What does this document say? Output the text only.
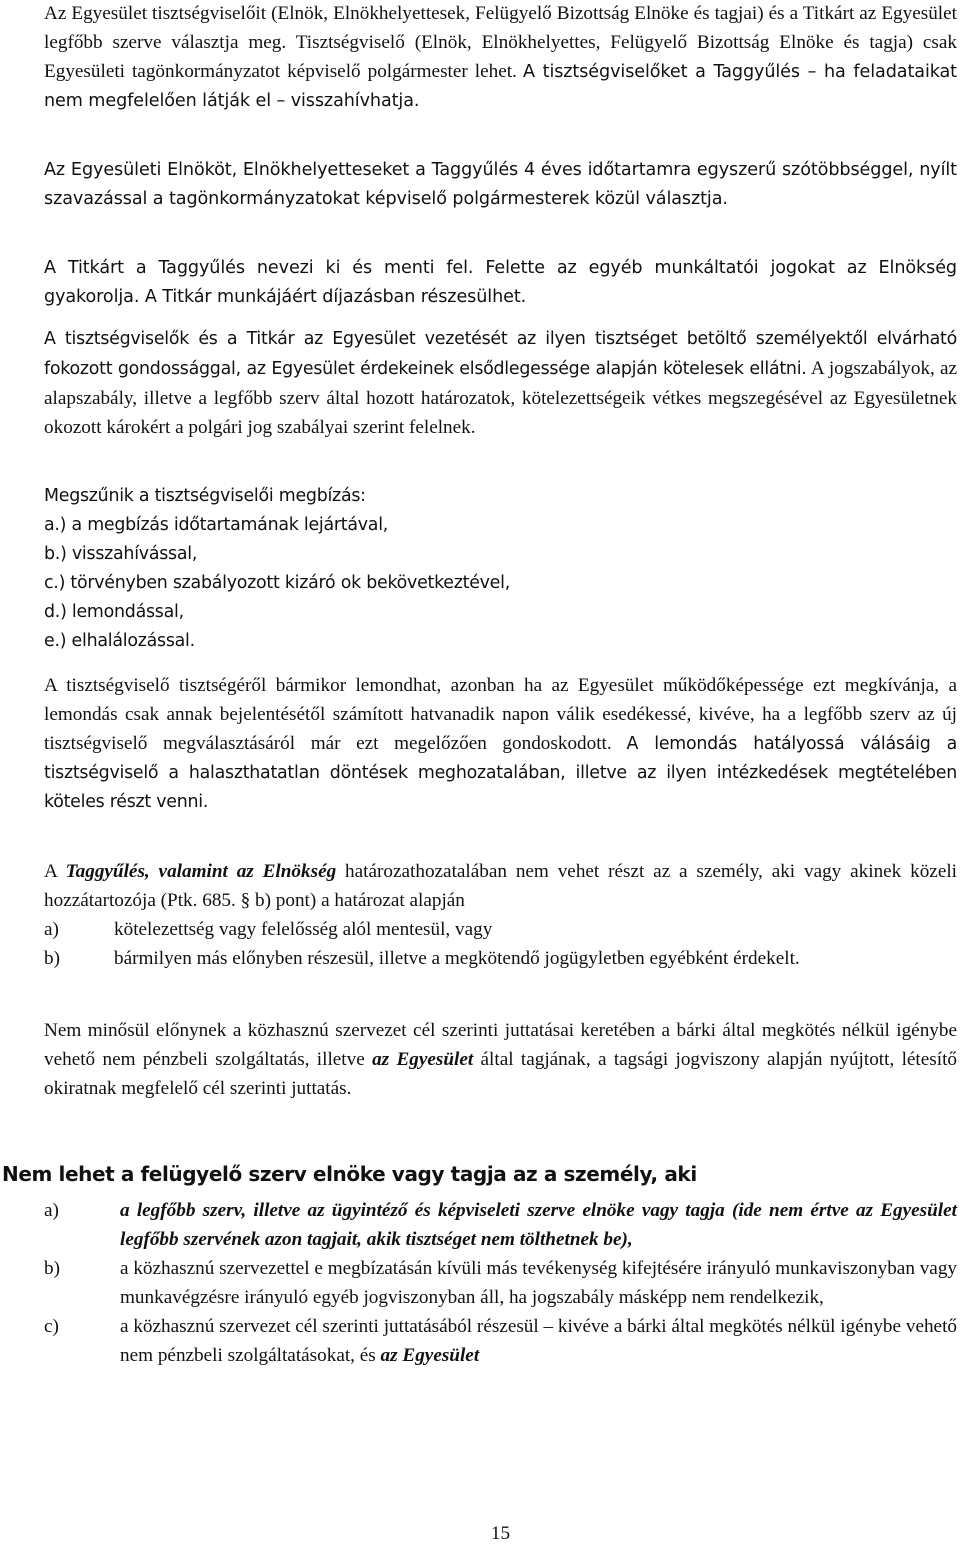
Az Egyesület tisztségviselőit (Elnök, Elnökhelyettesek, Felügyelő Bizottság Elnöke és tagjai) és a Titkárt az Egyesület legfőbb szerve választja meg. Tisztségviselő (Elnök, Elnökhelyettes, Felügyelő Bizottság Elnöke és tagja) csak Egyesületi tagönkormányzatot képviselő polgármester lehet. A tisztségviselőket a Taggyűlés – ha feladataikat nem megfelelően látják el – visszahívhatja.

Az Egyesületi Elnököt, Elnökhelyetteseket a Taggyűlés 4 éves időtartamra egyszerű szótöbbséggel, nyílt szavazással a tagönkormányzatokat képviselő polgármesterek közül választja.
A Titkárt a Taggyűlés nevezi ki és menti fel. Felette az egyéb munkáltatói jogokat az Elnökség gyakorolja. A Titkár munkájáért díjazásban részesülhet.

A tisztségviselők és a Titkár az Egyesület vezetését az ilyen tisztséget betöltő személyektől elvárható fokozott gondossággal, az Egyesület érdekeinek elsődlegessége alapján kötelesek ellátni. A jogszabályok, az alapszabály, illetve a legfőbb szerv által hozott határozatok, kötelezettségeik vétkes megszegésével az Egyesületnek okozott károkért a polgári jog szabályai szerint felelnek.

Megszűnik a tisztségviselői megbízás:
a.) a megbízás időtartamának lejártával,
b.) visszahívással,
c.) törvényben szabályozott kizáró ok bekövetkeztével,
d.) lemondással,
e.) elhalálozással.

A tisztségviselő tisztségéről bármikor lemondhat, azonban ha az Egyesület működőképessége ezt megkívánja, a lemondás csak annak bejelentésétől számított hatvanadik napon válik esedékessé, kivéve, ha a legfőbb szerv az új tisztségviselő megválasztásáról már ezt megelőzően gondoskodott. A lemondás hatályossá válásáig a tisztségviselő a halaszthatatlan döntések meghozatalában, illetve az ilyen intézkedések megtételében köteles részt venni.

A Taggyűlés, valamint az Elnökség határozathozatalában nem vehet részt az a személy, aki vagy akinek közeli hozzátartozója (Ptk. 685. § b) pont) a határozat alapján

a)	kötelezettség vagy felelősség alól mentesül, vagy
b)	bármilyen más előnyben részesül, illetve a megkötendő jogügyletben egyébként érdekelt.

Nem minősül előnynek a közhasznú szervezet cél szerinti juttatásai keretében a bárki által megkötés nélkül igénybe vehető nem pénzbeli szolgáltatás, illetve az Egyesület által tagjának, a tagsági jogviszony alapján nyújtott, létesítő okiratnak megfelelő cél szerinti juttatás.

Nem lehet a felügyelő szerv elnöke vagy tagja az a személy, aki
a)	a legfőbb szerv, illetve az ügyintéző és képviseleti szerve elnöke vagy tagja (ide nem értve az Egyesület legfőbb szervének azon tagjait, akik tisztséget nem tölthetnek be),
b)	a közhasznú szervezettel e megbízatásán kívüli más tevékenység kifejtésére irányuló munkaviszonyban vagy munkavégzésre irányuló egyéb jogviszonyban áll, ha jogszabály másképp nem rendelkezik,
c)	a közhasznú szervezet cél szerinti juttatásából részesül – kivéve a bárki által megkötés nélkül igénybe vehető nem pénzbeli szolgáltatásokat, és az Egyesület
15
